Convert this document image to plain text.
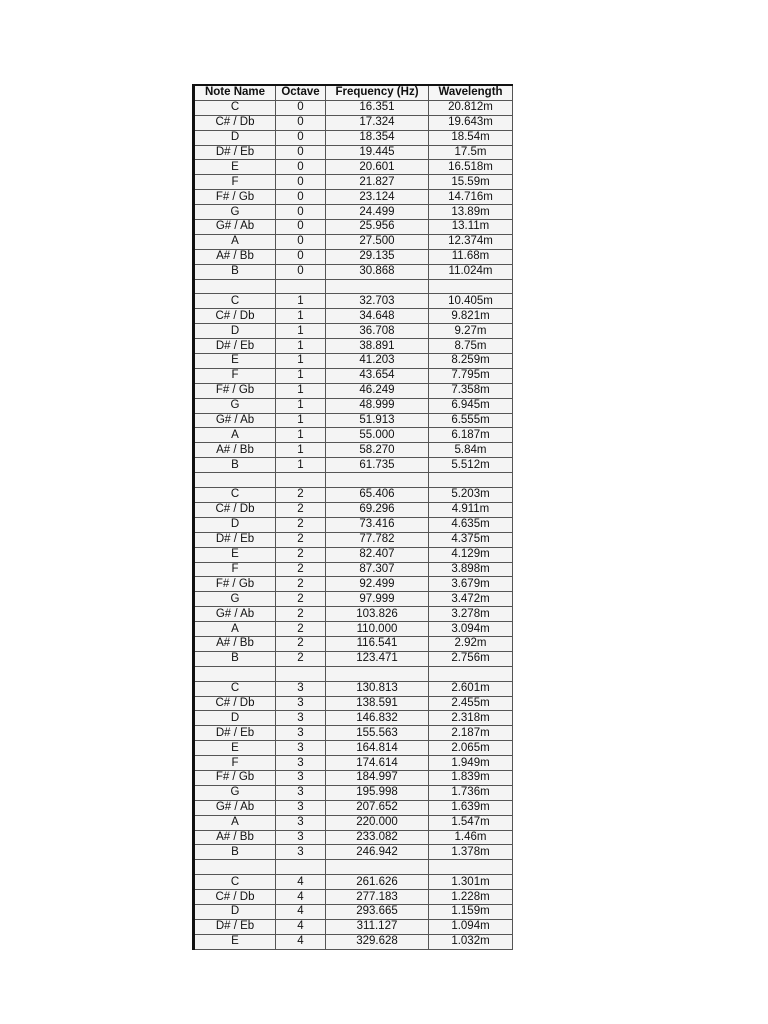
Note Name	Octave	Frequency (Hz)	Wavelength
C	0	16.351	20.812m
C# / Db	0	17.324	19.643m
D	0	18.354	18.54m
D# / Eb	0	19.445	17.5m
E	0	20.601	16.518m
F	0	21.827	15.59m
F# / Gb	0	23.124	14.716m
G	0	24.499	13.89m
G# / Ab	0	25.956	13.11m
A	0	27.500	12.374m
A# / Bb	0	29.135	11.68m
B	0	30.868	11.024m

C	1	32.703	10.405m
C# / Db	1	34.648	9.821m
D	1	36.708	9.27m
D# / Eb	1	38.891	8.75m
E	1	41.203	8.259m
F	1	43.654	7.795m
F# / Gb	1	46.249	7.358m
G	1	48.999	6.945m
G# / Ab	1	51.913	6.555m
A	1	55.000	6.187m
A# / Bb	1	58.270	5.84m
B	1	61.735	5.512m

C	2	65.406	5.203m
C# / Db	2	69.296	4.911m
D	2	73.416	4.635m
D# / Eb	2	77.782	4.375m
E	2	82.407	4.129m
F	2	87.307	3.898m
F# / Gb	2	92.499	3.679m
G	2	97.999	3.472m
G# / Ab	2	103.826	3.278m
A	2	110.000	3.094m
A# / Bb	2	116.541	2.92m
B	2	123.471	2.756m

C	3	130.813	2.601m
C# / Db	3	138.591	2.455m
D	3	146.832	2.318m
D# / Eb	3	155.563	2.187m
E	3	164.814	2.065m
F	3	174.614	1.949m
F# / Gb	3	184.997	1.839m
G	3	195.998	1.736m
G# / Ab	3	207.652	1.639m
A	3	220.000	1.547m
A# / Bb	3	233.082	1.46m
B	3	246.942	1.378m

C	4	261.626	1.301m
C# / Db	4	277.183	1.228m
D	4	293.665	1.159m
D# / Eb	4	311.127	1.094m
E	4	329.628	1.032m
